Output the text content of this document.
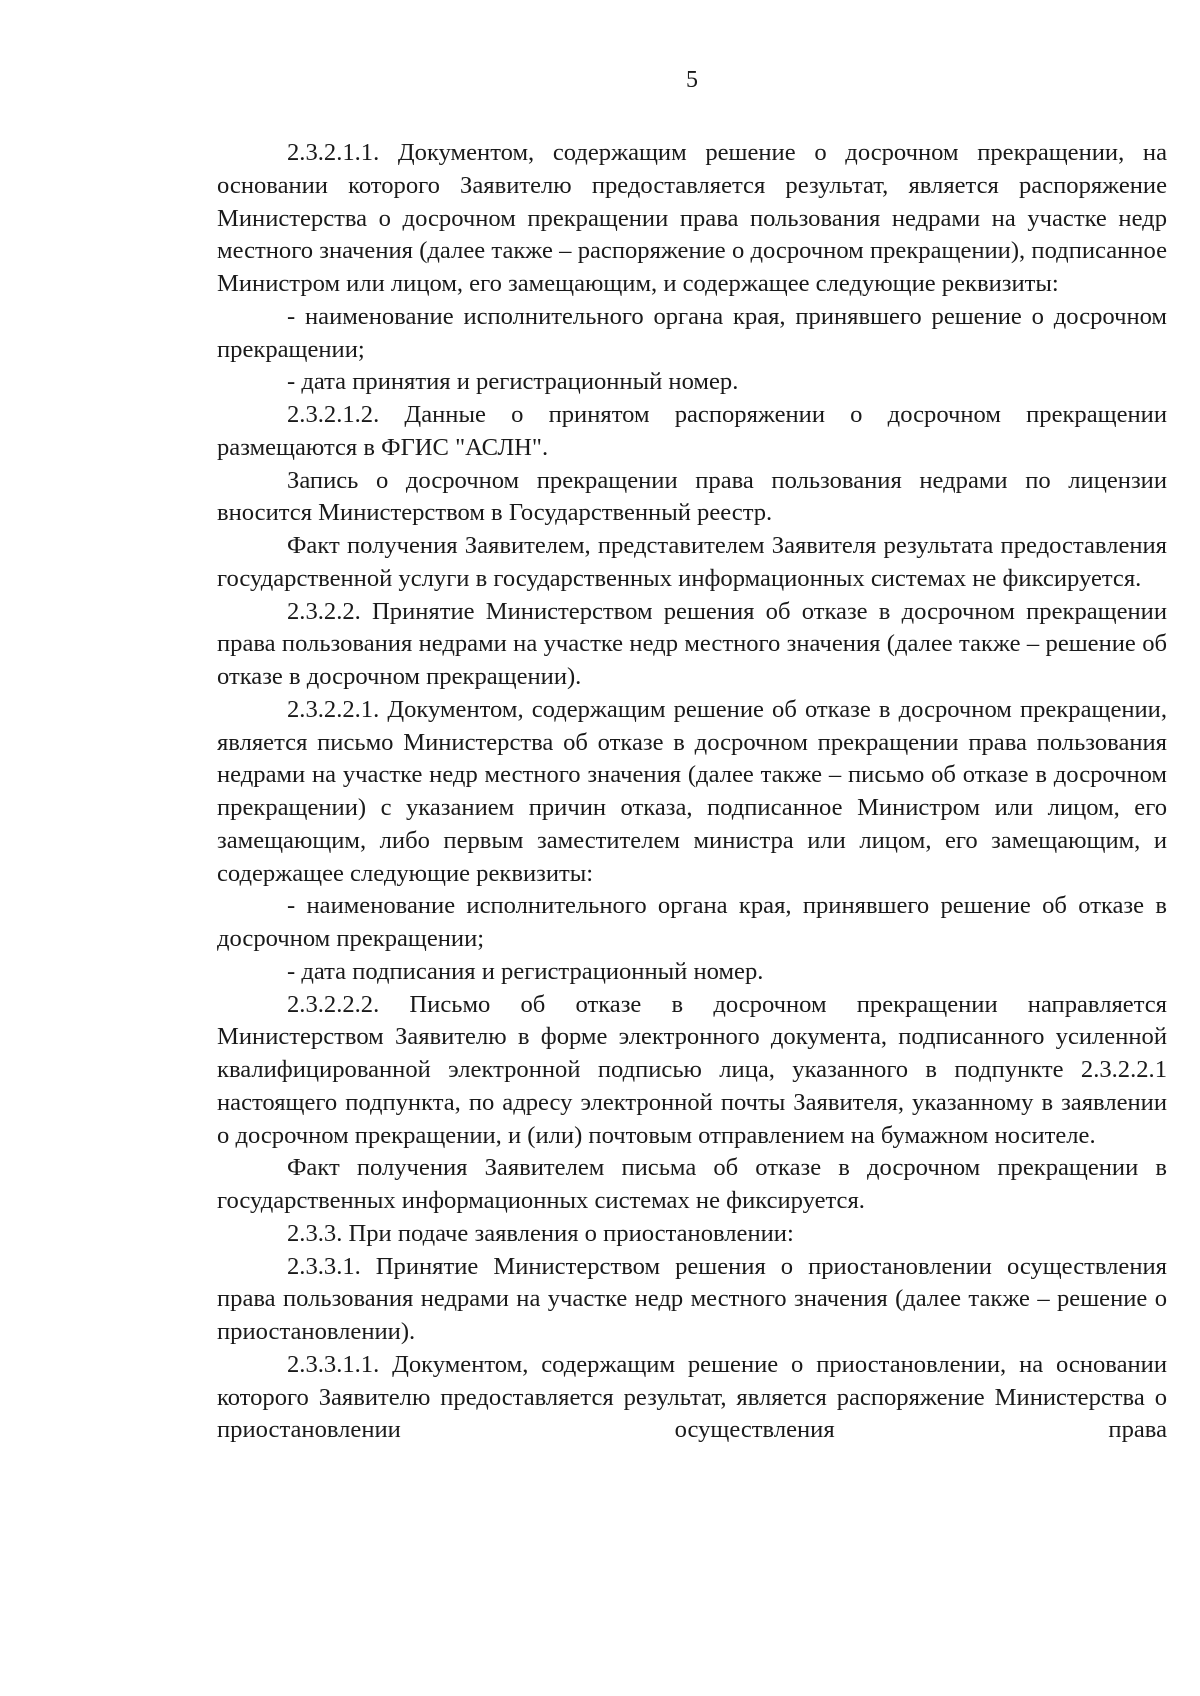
5

2.3.2.1.1. Документом, содержащим решение о досрочном прекращении, на основании которого Заявителю предоставляется результат, является распоряжение Министерства о досрочном прекращении права пользования недрами на участке недр местного значения (далее также – распоряжение о досрочном прекращении), подписанное Министром или лицом, его замещающим, и содержащее следующие реквизиты:

- наименование исполнительного органа края, принявшего решение о досрочном прекращении;

- дата принятия и регистрационный номер.

2.3.2.1.2. Данные о принятом распоряжении о досрочном прекращении размещаются в ФГИС "АСЛН".

Запись о досрочном прекращении права пользования недрами по лицензии вносится Министерством в Государственный реестр.

Факт получения Заявителем, представителем Заявителя результата предоставления государственной услуги в государственных информационных системах не фиксируется.

2.3.2.2. Принятие Министерством решения об отказе в досрочном прекращении права пользования недрами на участке недр местного значения (далее также – решение об отказе в досрочном прекращении).

2.3.2.2.1. Документом, содержащим решение об отказе в досрочном прекращении, является письмо Министерства об отказе в досрочном прекращении права пользования недрами на участке недр местного значения (далее также – письмо об отказе в досрочном прекращении) с указанием причин отказа, подписанное Министром или лицом, его замещающим, либо первым заместителем министра или лицом, его замещающим, и содержащее следующие реквизиты:

- наименование исполнительного органа края, принявшего решение об отказе в досрочном прекращении;

- дата подписания и регистрационный номер.

2.3.2.2.2. Письмо об отказе в досрочном прекращении направляется Министерством Заявителю в форме электронного документа, подписанного усиленной квалифицированной электронной подписью лица, указанного в подпункте 2.3.2.2.1 настоящего подпункта, по адресу электронной почты Заявителя, указанному в заявлении о досрочном прекращении, и (или) почтовым отправлением на бумажном носителе.

Факт получения Заявителем письма об отказе в досрочном прекращении в государственных информационных системах не фиксируется.

2.3.3. При подаче заявления о приостановлении:

2.3.3.1. Принятие Министерством решения о приостановлении осуществления права пользования недрами на участке недр местного значения (далее также – решение о приостановлении).

2.3.3.1.1. Документом, содержащим решение о приостановлении, на основании которого Заявителю предоставляется результат, является распоряжение Министерства о приостановлении осуществления права
